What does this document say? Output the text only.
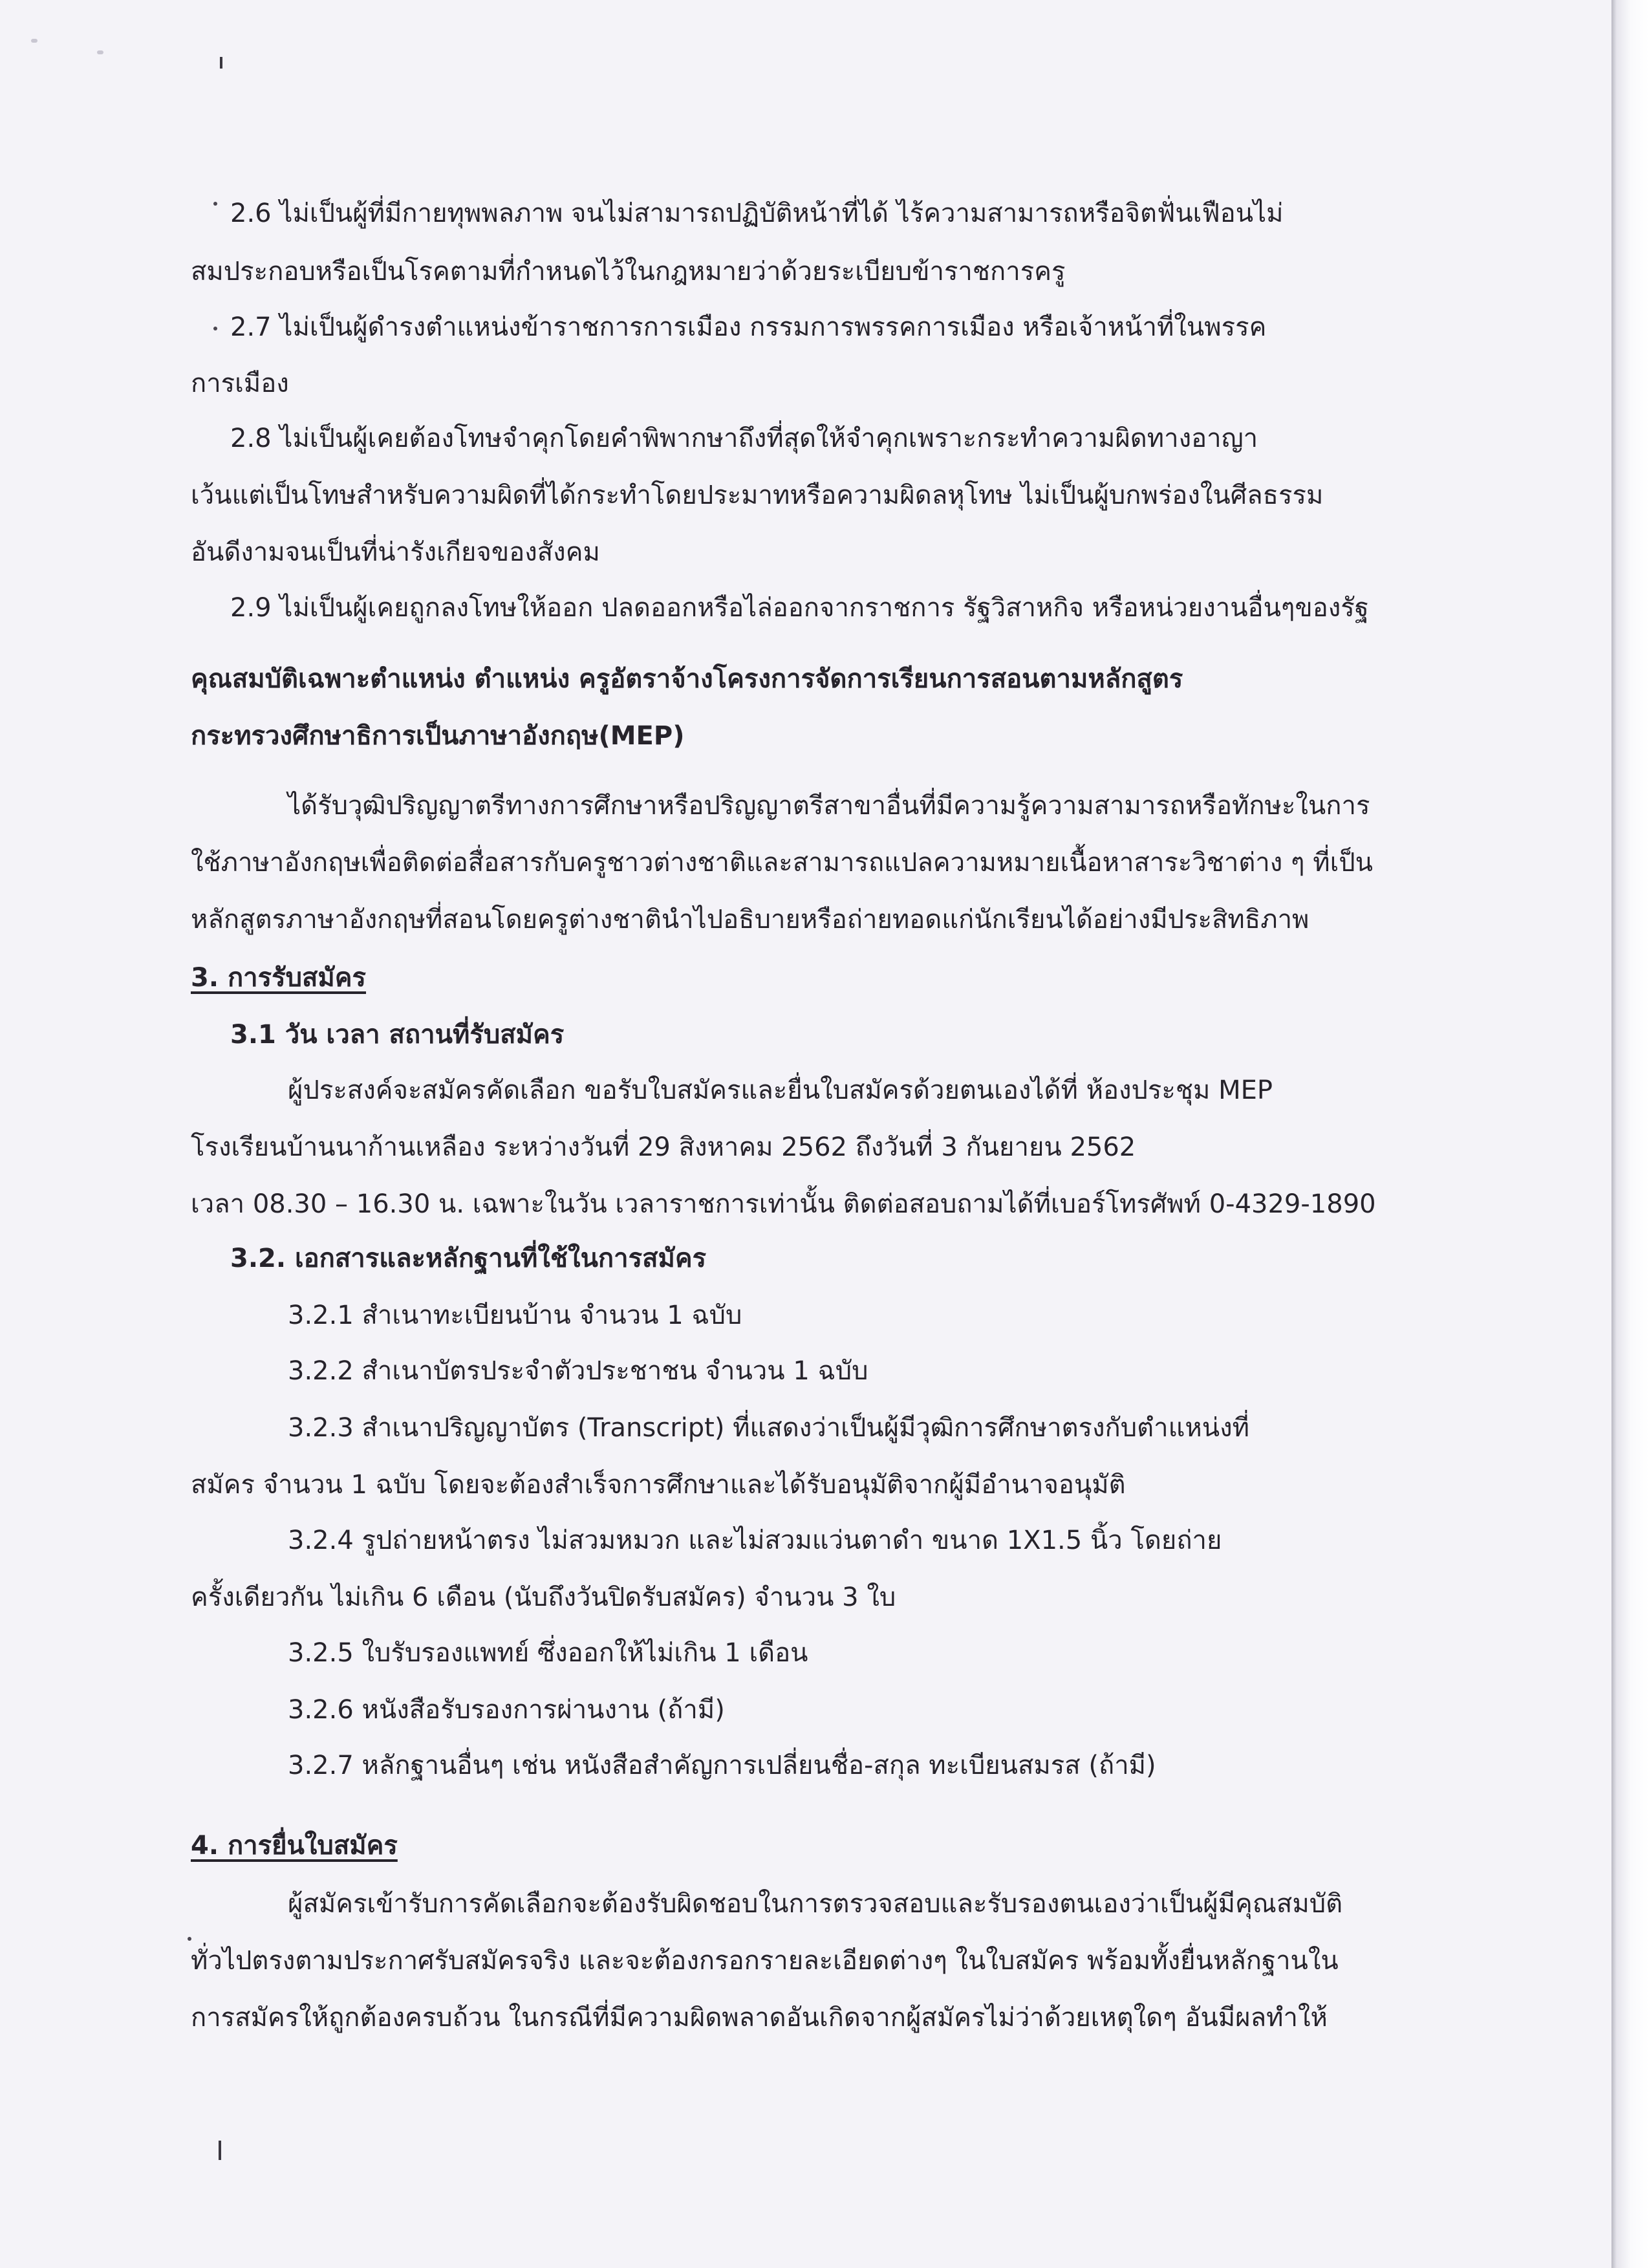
2.6 ไม่เป็นผู้ที่มีกายทุพพลภาพ จนไม่สามารถปฏิบัติหน้าที่ได้ ไร้ความสามารถหรือจิตฟั่นเฟือนไม่
สมประกอบหรือเป็นโรคตามที่กำหนดไว้ในกฎหมายว่าด้วยระเบียบข้าราชการครู
2.7 ไม่เป็นผู้ดำรงตำแหน่งข้าราชการการเมือง กรรมการพรรคการเมือง หรือเจ้าหน้าที่ในพรรค
การเมือง
2.8 ไม่เป็นผู้เคยต้องโทษจำคุกโดยคำพิพากษาถึงที่สุดให้จำคุกเพราะกระทำความผิดทางอาญา
เว้นแต่เป็นโทษสำหรับความผิดที่ได้กระทำโดยประมาทหรือความผิดลหุโทษ ไม่เป็นผู้บกพร่องในศีลธรรม
อันดีงามจนเป็นที่น่ารังเกียจของสังคม
2.9 ไม่เป็นผู้เคยถูกลงโทษให้ออก ปลดออกหรือไล่ออกจากราชการ รัฐวิสาหกิจ หรือหน่วยงานอื่นๆของรัฐ
คุณสมบัติเฉพาะตำแหน่ง ตำแหน่ง ครูอัตราจ้างโครงการจัดการเรียนการสอนตามหลักสูตร
กระทรวงศึกษาธิการเป็นภาษาอังกฤษ(MEP)
ได้รับวุฒิปริญญาตรีทางการศึกษาหรือปริญญาตรีสาขาอื่นที่มีความรู้ความสามารถหรือทักษะในการ
ใช้ภาษาอังกฤษเพื่อติดต่อสื่อสารกับครูชาวต่างชาติและสามารถแปลความหมายเนื้อหาสาระวิชาต่าง ๆ ที่เป็น
หลักสูตรภาษาอังกฤษที่สอนโดยครูต่างชาตินำไปอธิบายหรือถ่ายทอดแก่นักเรียนได้อย่างมีประสิทธิภาพ
3. การรับสมัคร
3.1 วัน เวลา สถานที่รับสมัคร
ผู้ประสงค์จะสมัครคัดเลือก ขอรับใบสมัครและยื่นใบสมัครด้วยตนเองได้ที่ ห้องประชุม MEP
โรงเรียนบ้านนาก้านเหลือง ระหว่างวันที่ 29 สิงหาคม 2562 ถึงวันที่ 3 กันยายน 2562
เวลา 08.30 – 16.30 น. เฉพาะในวัน เวลาราชการเท่านั้น ติดต่อสอบถามได้ที่เบอร์โทรศัพท์ 0-4329-1890
3.2. เอกสารและหลักฐานที่ใช้ในการสมัคร
3.2.1 สำเนาทะเบียนบ้าน จำนวน 1 ฉบับ
3.2.2 สำเนาบัตรประจำตัวประชาชน จำนวน 1 ฉบับ
3.2.3 สำเนาปริญญาบัตร (Transcript) ที่แสดงว่าเป็นผู้มีวุฒิการศึกษาตรงกับตำแหน่งที่
สมัคร จำนวน 1 ฉบับ โดยจะต้องสำเร็จการศึกษาและได้รับอนุมัติจากผู้มีอำนาจอนุมัติ
3.2.4 รูปถ่ายหน้าตรง ไม่สวมหมวก และไม่สวมแว่นตาดำ ขนาด 1X1.5 นิ้ว โดยถ่าย
ครั้งเดียวกัน ไม่เกิน 6 เดือน (นับถึงวันปิดรับสมัคร) จำนวน 3 ใบ
3.2.5 ใบรับรองแพทย์ ซึ่งออกให้ไม่เกิน 1 เดือน
3.2.6 หนังสือรับรองการผ่านงาน (ถ้ามี)
3.2.7 หลักฐานอื่นๆ เช่น หนังสือสำคัญการเปลี่ยนชื่อ-สกุล ทะเบียนสมรส (ถ้ามี)
4. การยื่นใบสมัคร
ผู้สมัครเข้ารับการคัดเลือกจะต้องรับผิดชอบในการตรวจสอบและรับรองตนเองว่าเป็นผู้มีคุณสมบัติ
ทั่วไปตรงตามประกาศรับสมัครจริง และจะต้องกรอกรายละเอียดต่างๆ ในใบสมัคร พร้อมทั้งยื่นหลักฐานใน
การสมัครให้ถูกต้องครบถ้วน ในกรณีที่มีความผิดพลาดอันเกิดจากผู้สมัครไม่ว่าด้วยเหตุใดๆ อันมีผลทำให้
